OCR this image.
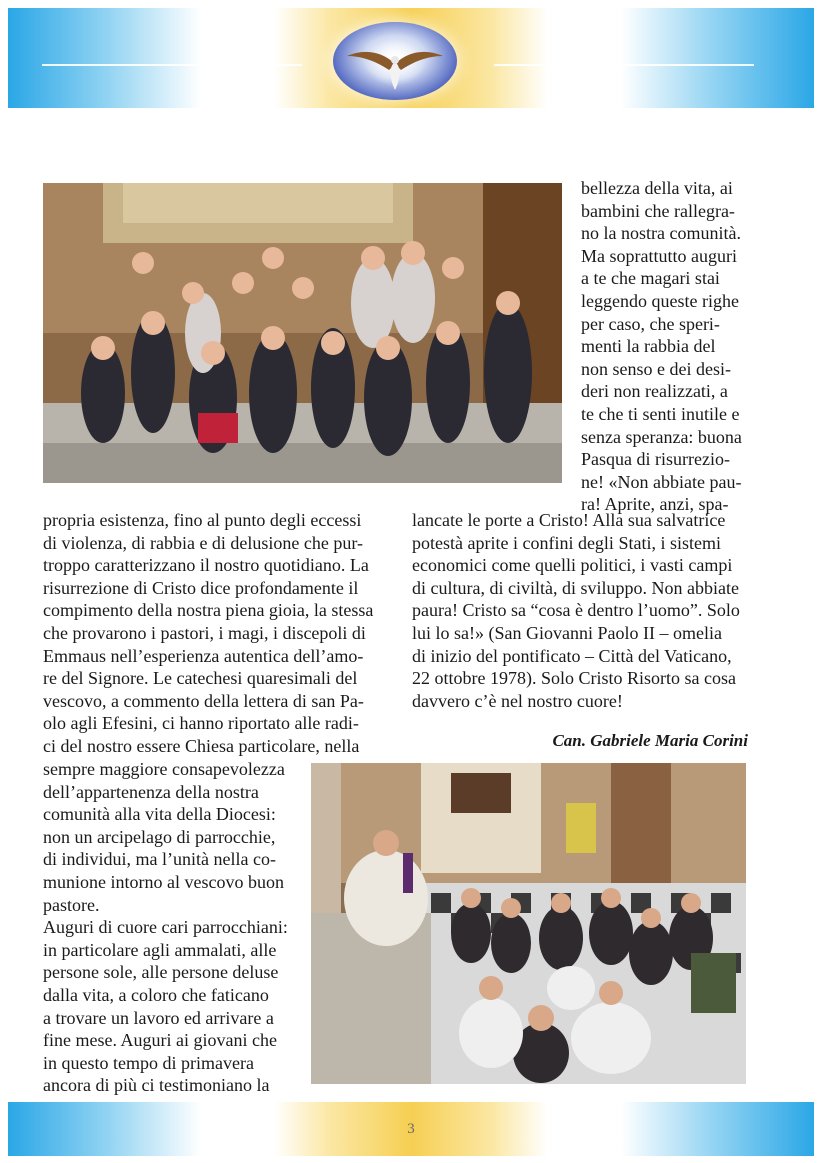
bellezza della vita, ai
bambini che rallegra-
no la nostra comunità.
Ma soprattutto auguri
a te che magari stai
leggendo queste righe
per caso, che speri-
menti la rabbia del
non senso e dei desi-
deri non realizzati, a
te che ti senti inutile e
senza speranza: buona
Pasqua di risurrezio-
ne! «Non abbiate pau-
ra! Aprite, anzi, spa-
lancate le porte a Cristo! Alla sua salvatrice
potestà aprite i confini degli Stati, i sistemi
economici come quelli politici, i vasti campi
di cultura, di civiltà, di sviluppo. Non abbiate
paura! Cristo sa “cosa è dentro l’uomo”. Solo
lui lo sa!» (San Giovanni Paolo II – omelia
di inizio del pontificato – Città del Vaticano,
22 ottobre 1978). Solo Cristo Risorto sa cosa
davvero c’è nel nostro cuore!
Can. Gabriele Maria Corini
propria esistenza, fino al punto degli eccessi
di violenza, di rabbia e di delusione che pur-
troppo caratterizzano il nostro quotidiano. La
risurrezione di Cristo dice profondamente il
compimento della nostra piena gioia, la stessa
che provarono i pastori, i magi, i discepoli di
Emmaus nell’esperienza autentica dell’amo-
re del Signore. Le catechesi quaresimali del
vescovo, a commento della lettera di san Pa-
olo agli Efesini, ci hanno riportato alle radi-
ci del nostro essere Chiesa particolare, nella
sempre maggiore consapevolezza
dell’appartenenza della nostra
comunità alla vita della Diocesi:
non un arcipelago di parrocchie,
di individui, ma l’unità nella co-
munione intorno al vescovo buon
pastore.
Auguri di cuore cari parrocchiani:
in particolare agli ammalati, alle
persone sole, alle persone deluse
dalla vita, a coloro che faticano
a trovare un lavoro ed arrivare a
fine mese. Auguri ai giovani che
in questo tempo di primavera
ancora di più ci testimoniano la
3
